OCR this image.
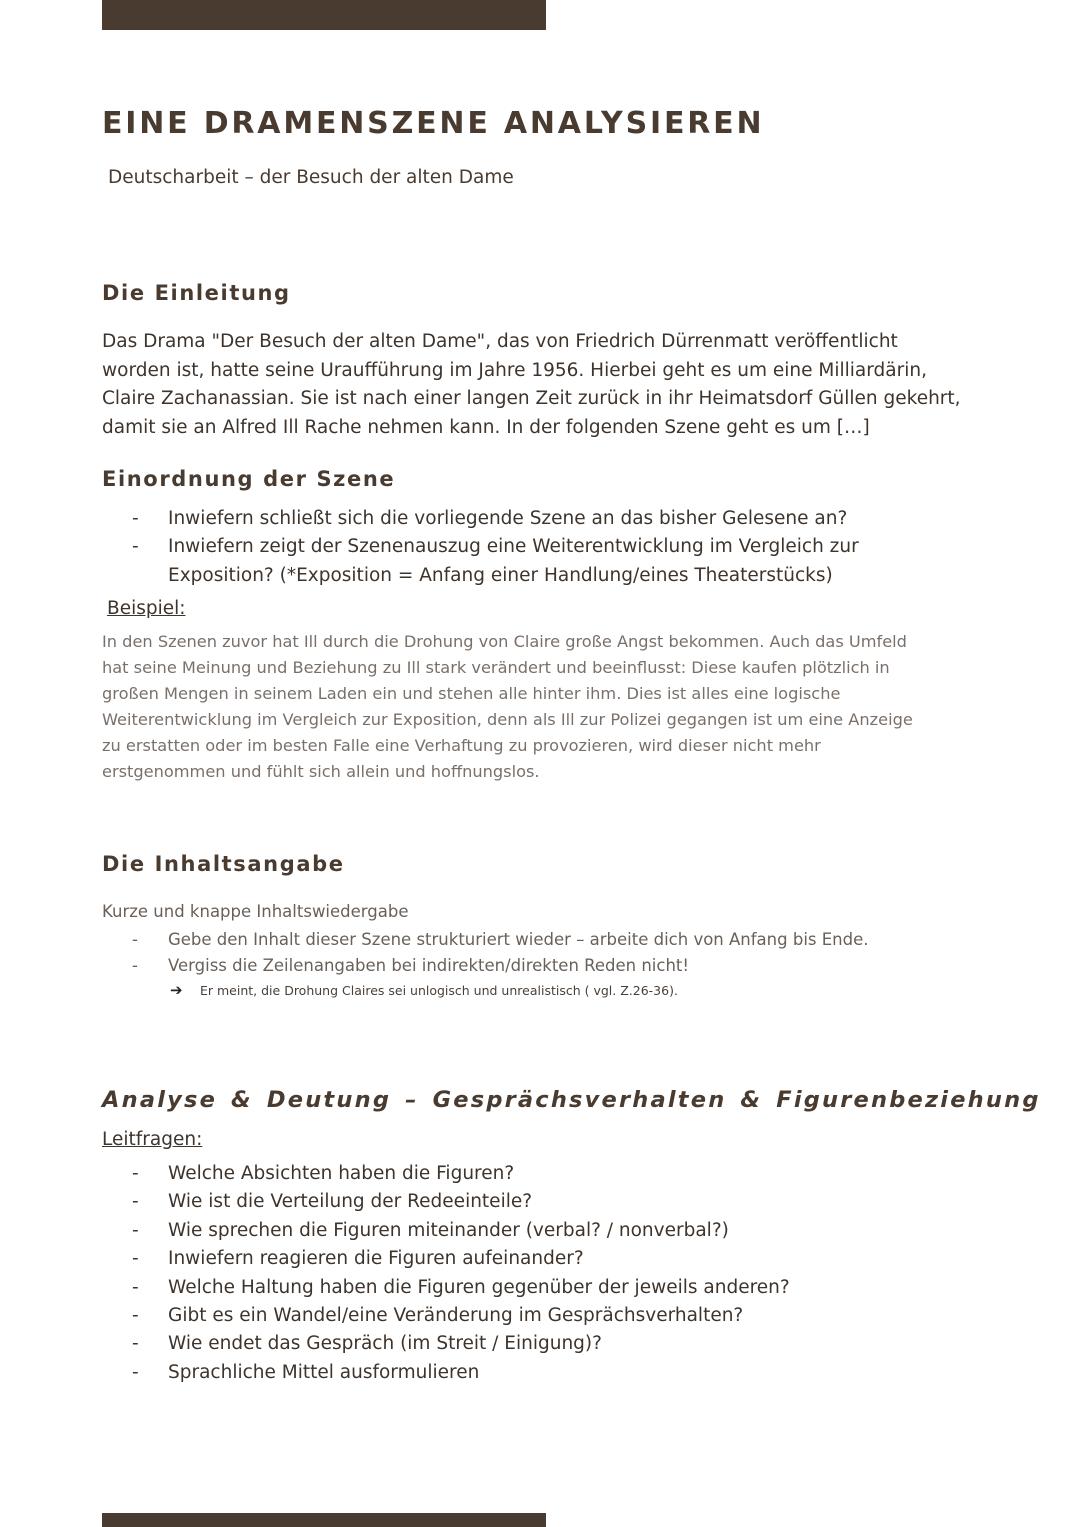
EINE DRAMENSZENE ANALYSIEREN

Deutscharbeit – der Besuch der alten Dame

Die Einleitung
Das Drama "Der Besuch der alten Dame", das von Friedrich Dürrenmatt veröffentlicht
worden ist, hatte seine Uraufführung im Jahre 1956. Hierbei geht es um eine Milliardärin,
Claire Zachanassian. Sie ist nach einer langen Zeit zurück in ihr Heimatsdorf Güllen gekehrt,
damit sie an Alfred Ill Rache nehmen kann. In der folgenden Szene geht es um […]
Einordnung der Szene
- Inwiefern schließt sich die vorliegende Szene an das bisher Gelesene an?
- Inwiefern zeigt der Szenenauszug eine Weiterentwicklung im Vergleich zur
Exposition? (*Exposition = Anfang einer Handlung/eines Theaterstücks)

Beispiel:

In den Szenen zuvor hat Ill durch die Drohung von Claire große Angst bekommen. Auch das Umfeld
hat seine Meinung und Beziehung zu Ill stark verändert und beeinflusst: Diese kaufen plötzlich in
großen Mengen in seinem Laden ein und stehen alle hinter ihm. Dies ist alles eine logische
Weiterentwicklung im Vergleich zur Exposition, denn als Ill zur Polizei gegangen ist um eine Anzeige
zu erstatten oder im besten Falle eine Verhaftung zu provozieren, wird dieser nicht mehr
erstgenommen und fühlt sich allein und hoffnungslos.
Die Inhaltsangabe

Kurze und knappe Inhaltswiedergabe

- Gebe den Inhalt dieser Szene strukturiert wieder – arbeite dich von Anfang bis Ende.
- Vergiss die Zeilenangaben bei indirekten/direkten Reden nicht!
➔ Er meint, die Drohung Claires sei unlogisch und unrealistisch ( vgl. Z.26-36).
Analyse & Deutung – Gesprächsverhalten & Figurenbeziehung

Leitfragen:

- Welche Absichten haben die Figuren?
- Wie ist die Verteilung der Redeeinteile?
- Wie sprechen die Figuren miteinander (verbal? / nonverbal?)
- Inwiefern reagieren die Figuren aufeinander?
- Welche Haltung haben die Figuren gegenüber der jeweils anderen?
- Gibt es ein Wandel/eine Veränderung im Gesprächsverhalten?
- Wie endet das Gespräch (im Streit / Einigung)?
- Sprachliche Mittel ausformulieren
